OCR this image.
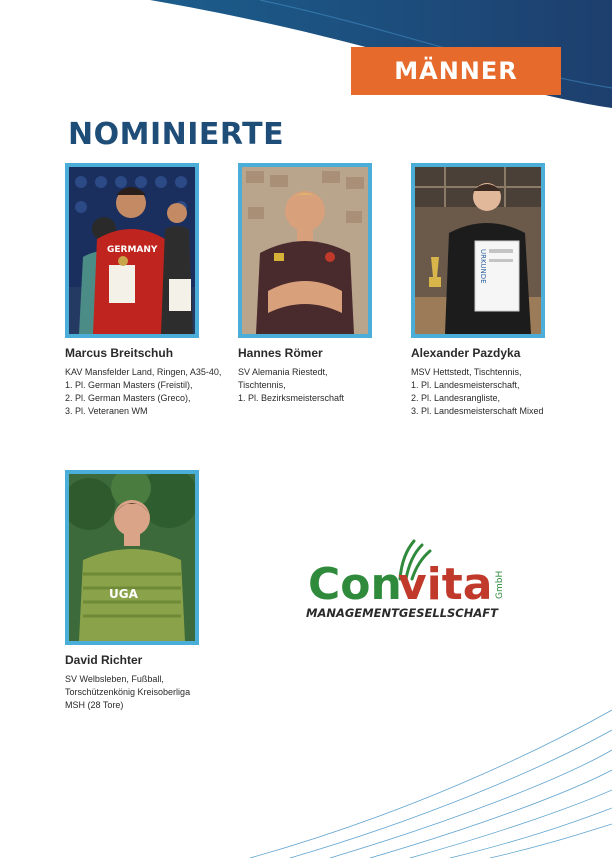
MÄNNER
NOMINIERTE
GERMANY
Marcus Breitschuh
KAV Mansfelder Land, Ringen, A35-40,
1. Pl. German Masters (Freistil),
2. Pl. German Masters (Greco),
3. Pl. Veteranen WM
Hannes Römer
SV Alemania Riestedt,
Tischtennis,
1. Pl. Bezirksmeisterschaft
URKUNDE
Alexander Pazdyka
MSV Hettstedt, Tischtennis,
1. Pl. Landesmeisterschaft,
2. Pl. Landesrangliste,
3. Pl. Landesmeisterschaft Mixed
UGA
David Richter
SV Welbsleben, Fußball,
Torschützenkönig Kreisoberliga
MSH (28 Tore)
Con
vita GmbH
MANAGEMENTGESELLSCHAFT
